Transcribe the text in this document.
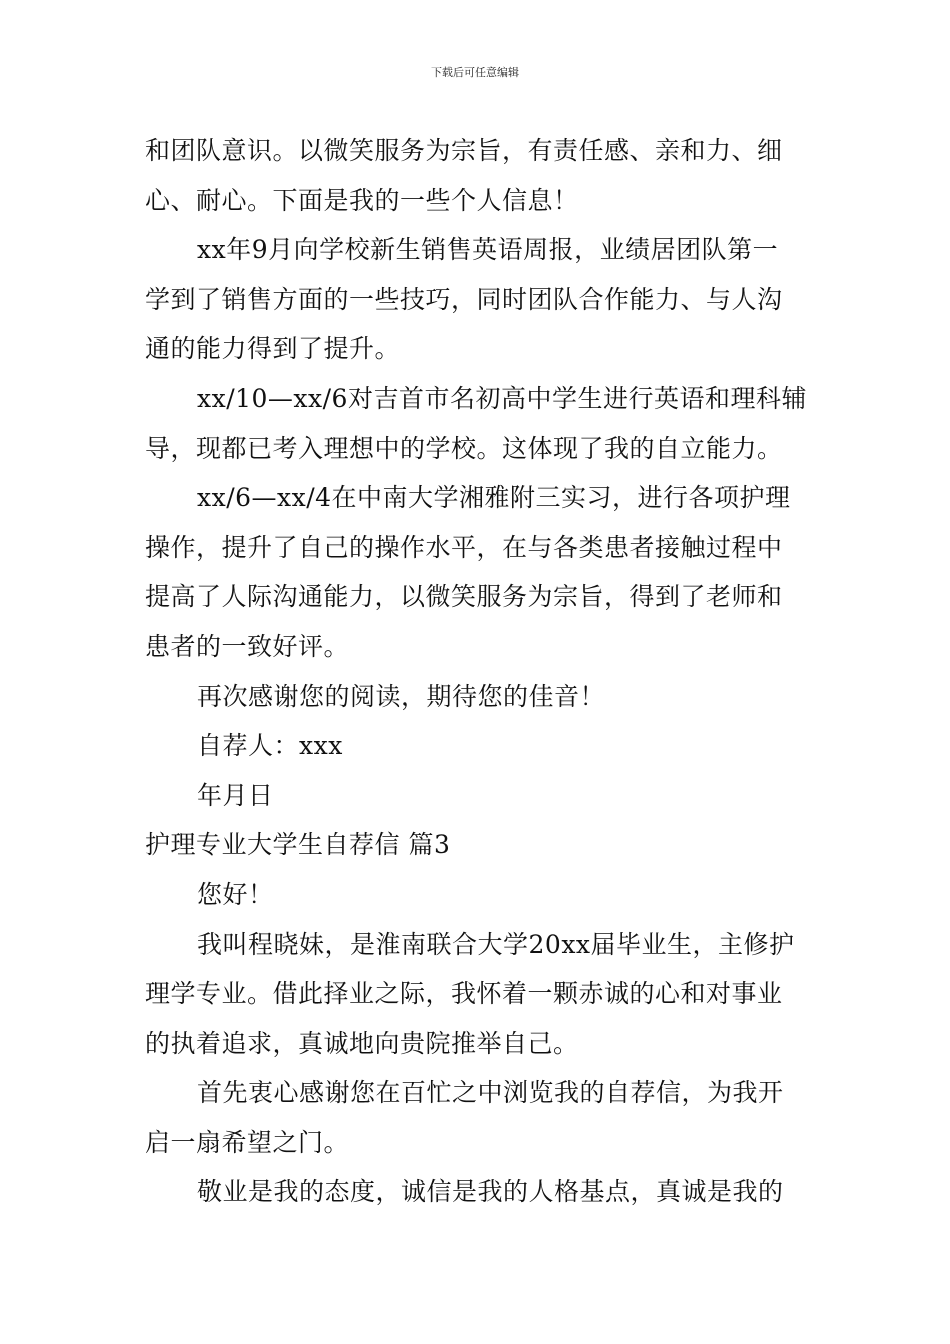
下载后可任意编辑
和团队意识。以微笑服务为宗旨，有责任感、亲和力、细
心、耐心。下面是我的一些个人信息！
xx年9月向学校新生销售英语周报，业绩居团队第一
学到了销售方面的一些技巧，同时团队合作能力、与人沟
通的能力得到了提升。
xx/10—xx/6对吉首市名初高中学生进行英语和理科辅
导，现都已考入理想中的学校。这体现了我的自立能力。
xx/6—xx/4在中南大学湘雅附三实习，进行各项护理
操作，提升了自己的操作水平，在与各类患者接触过程中
提高了人际沟通能力，以微笑服务为宗旨，得到了老师和
患者的一致好评。
再次感谢您的阅读，期待您的佳音！
自荐人：xxx
年月日
护理专业大学生自荐信 篇3
您好！
我叫程晓妹，是淮南联合大学20xx届毕业生，主修护
理学专业。借此择业之际，我怀着一颗赤诚的心和对事业
的执着追求，真诚地向贵院推举自己。
首先衷心感谢您在百忙之中浏览我的自荐信，为我开
启一扇希望之门。
敬业是我的态度，诚信是我的人格基点，真诚是我的
